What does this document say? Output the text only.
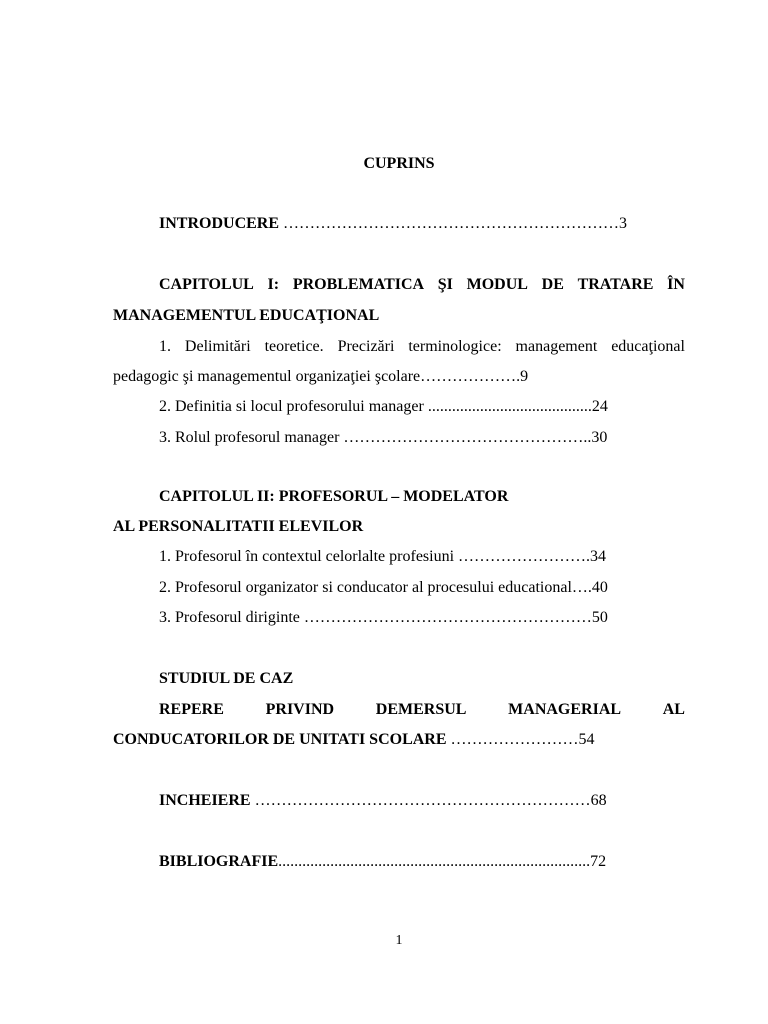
CUPRINS
INTRODUCERE ………………………………………………………3
CAPITOLUL I: PROBLEMATICA ŞI MODUL DE TRATARE ÎN
MANAGEMENTUL EDUCAŢIONAL
1. Delimitări teoretice. Precizări terminologice: management educaţional
pedagogic şi managementul organizaţiei şcolare……………….9
2. Definitia si locul profesorului manager .........................................24
3. Rolul profesorul manager ………………………………………..30
CAPITOLUL II: PROFESORUL – MODELATOR
AL PERSONALITATII ELEVILOR
1. Profesorul în contextul celorlalte profesiuni …………………….34
2. Profesorul organizator si conducator al procesului educational….40
3. Profesorul diriginte ………………………………………………50
STUDIUL DE CAZ
REPERE	PRIVIND	DEMERSUL	MANAGERIAL	AL
CONDUCATORILOR DE UNITATI SCOLARE ……………………54
INCHEIERE ………………………………………………………68
BIBLIOGRAFIE..............................................................................72
1
